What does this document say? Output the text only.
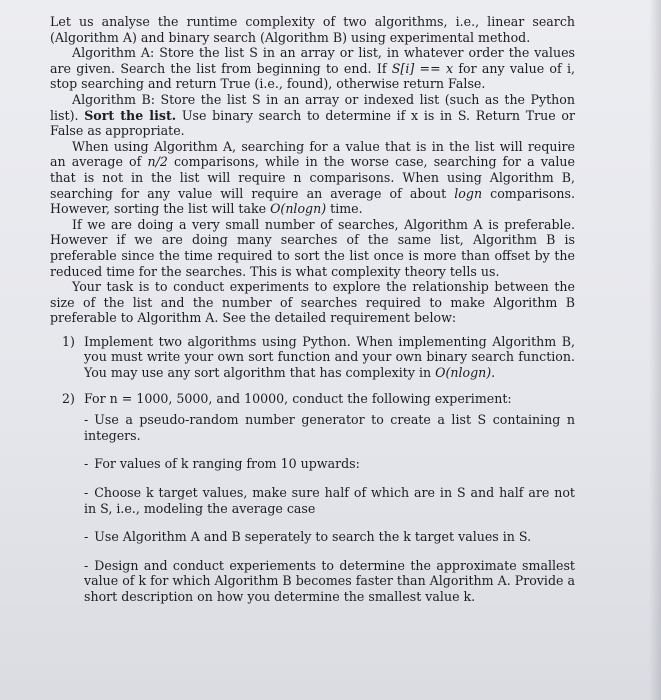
Let us analyse the runtime complexity of two algorithms, i.e., linear search (Algorithm A) and binary search (Algorithm B) using experimental method.

Algorithm A: Store the list S in an array or list, in whatever order the values are given. Search the list from beginning to end. If S[i] == x for any value of i, stop searching and return True (i.e., found), otherwise return False.

Algorithm B: Store the list S in an array or indexed list (such as the Python list). Sort the list. Use binary search to determine if x is in S. Return True or False as appropriate.

When using Algorithm A, searching for a value that is in the list will require an average of n/2 comparisons, while in the worse case, searching for a value that is not in the list will require n comparisons. When using Algorithm B, searching for any value will require an average of about logn comparisons. However, sorting the list will take O(nlogn) time.

If we are doing a very small number of searches, Algorithm A is preferable. However if we are doing many searches of the same list, Algorithm B is preferable since the time required to sort the list once is more than offset by the reduced time for the searches. This is what complexity theory tells us.

Your task is to conduct experiments to explore the relationship between the size of the list and the number of searches required to make Algorithm B preferable to Algorithm A. See the detailed requirement below:

1) Implement two algorithms using Python. When implementing Algorithm B, you must write your own sort function and your own binary search function. You may use any sort algorithm that has complexity in O(nlogn).
2) For n = 1000, 5000, and 10000, conduct the following experiment:
- Use a pseudo-random number generator to create a list S containing n integers.
- For values of k ranging from 10 upwards:
- Choose k target values, make sure half of which are in S and half are not in S, i.e., modeling the average case
- Use Algorithm A and B seperately to search the k target values in S.
- Design and conduct experiements to determine the approximate smallest value of k for which Algorithm B becomes faster than Algorithm A. Provide a short description on how you determine the smallest value k.
